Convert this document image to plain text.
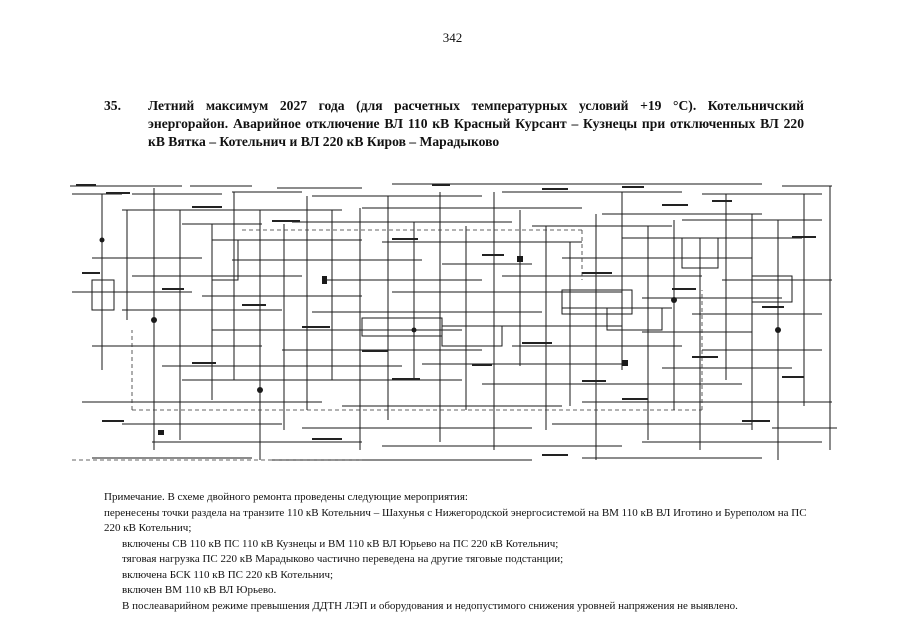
342
35. Летний максимум 2027 года (для расчетных температурных условий +19 °С). Котельничский энергорайон. Аварийное отключение ВЛ 110 кВ Красный Курсант – Кузнецы при отключенных ВЛ 220 кВ Вятка – Котельнич и ВЛ 220 кВ Киров – Марадыково
Примечание. В схеме двойного ремонта проведены следующие мероприятия:

перенесены точки раздела на транзите 110 кВ Котельнич – Шахунья с Нижегородской энергосистемой на ВМ 110 кВ ВЛ Иготино и Буреполом на ПС 220 кВ Котельнич;

включены СВ 110 кВ ПС 110 кВ Кузнецы и ВМ 110 кВ ВЛ Юрьево на ПС 220 кВ Котельнич;

тяговая нагрузка ПС 220 кВ Марадыково частично переведена на другие тяговые подстанции;

включена БСК 110 кВ ПС 220 кВ Котельнич;

включен ВМ 110 кВ ВЛ Юрьево.

В послеаварийном режиме превышения ДДТН ЛЭП и оборудования и недопустимого снижения уровней напряжения не выявлено.
